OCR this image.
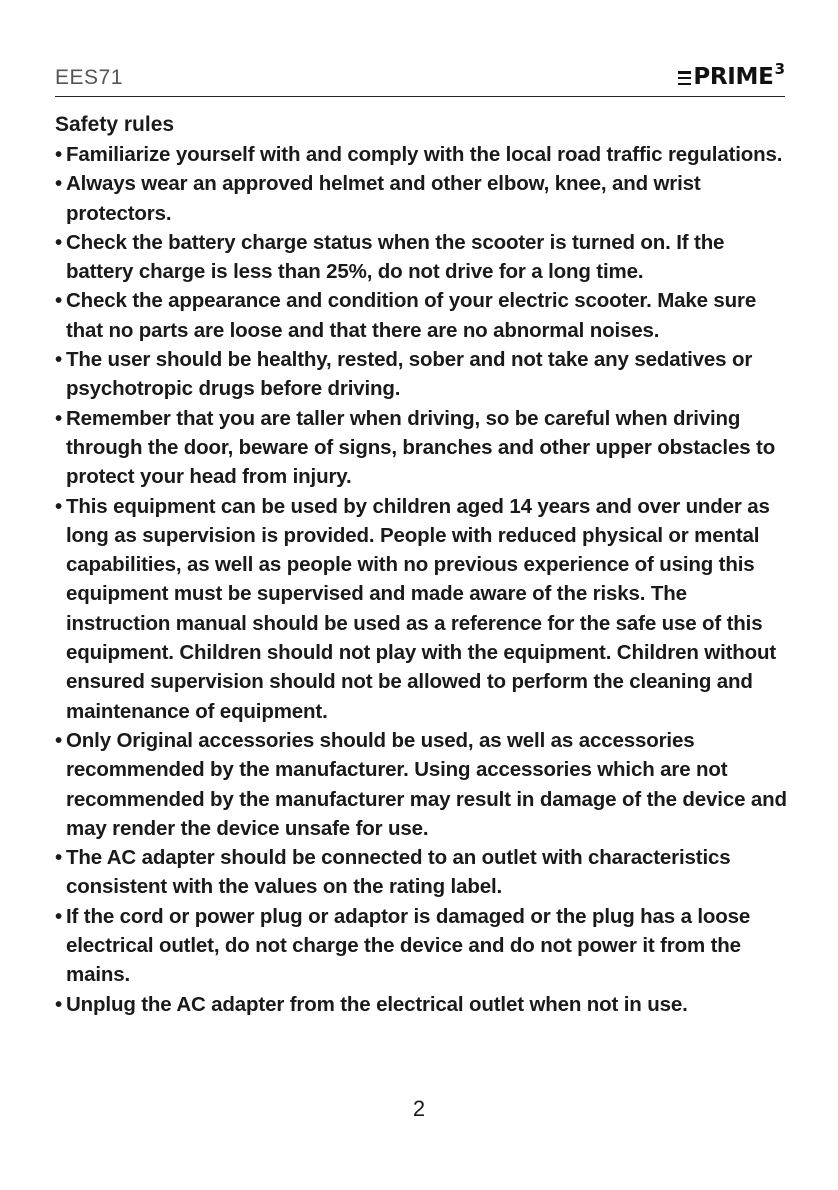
EES71	PRIME 3
Safety rules
• Familiarize yourself with and comply with the local road traffic regulations.
• Always wear an approved helmet and other elbow, knee, and wrist protectors.
• Check the battery charge status when the scooter is turned on. If the battery charge is less than 25%, do not drive for a long time.
• Check the appearance and condition of your electric scooter. Make sure that no parts are loose and that there are no abnormal noises.
• The user should be healthy, rested, sober and not take any sedatives or psychotropic drugs before driving.
• Remember that you are taller when driving, so be careful when driving through the door, beware of signs, branches and other upper obstacles to protect your head from injury.
• This equipment can be used by children aged 14 years and over under as long as supervision is provided. People with reduced physical or mental capabilities, as well as people with no previous experience of using this equipment must be supervised and made aware of the risks. The instruction manual should be used as a reference for the safe use of this equipment. Children should not play with the equipment. Children without ensured supervision should not be allowed to perform the cleaning and maintenance of equipment.
• Only Original accessories should be used, as well as accessories recommended by the manufacturer. Using accessories which are not recommended by the manufacturer may result in damage of the device and may render the device unsafe for use.
• The AC adapter should be connected to an outlet with characteristics consistent with the values on the rating label.
• If the cord or power plug or adaptor is damaged or the plug has a loose electrical outlet, do not charge the device and do not power it from the mains.
• Unplug the AC adapter from the electrical outlet when not in use.
2
